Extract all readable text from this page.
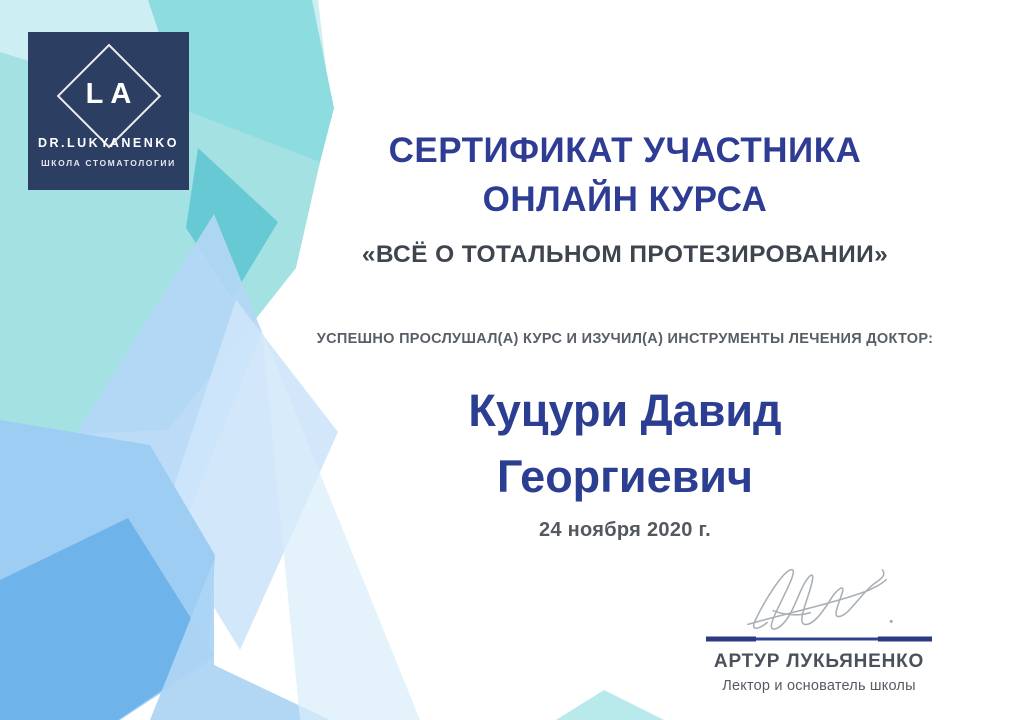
LA
DR.LUKYANENKO
ШКОЛА СТОМАТОЛОГИИ	СЕРТИФИКАТ УЧАСТНИКА
ОНЛАЙН КУРСА
«ВСЁ О ТОТАЛЬНОМ ПРОТЕЗИРОВАНИИ»
УСПЕШНО ПРОСЛУШАЛ(А) КУРС И ИЗУЧИЛ(А) ИНСТРУМЕНТЫ ЛЕЧЕНИЯ ДОКТОР:
Куцури Давид
Георгиевич
24 ноября 2020 г.
АРТУР ЛУКЬЯНЕНКО
Лектор и основатель школы
